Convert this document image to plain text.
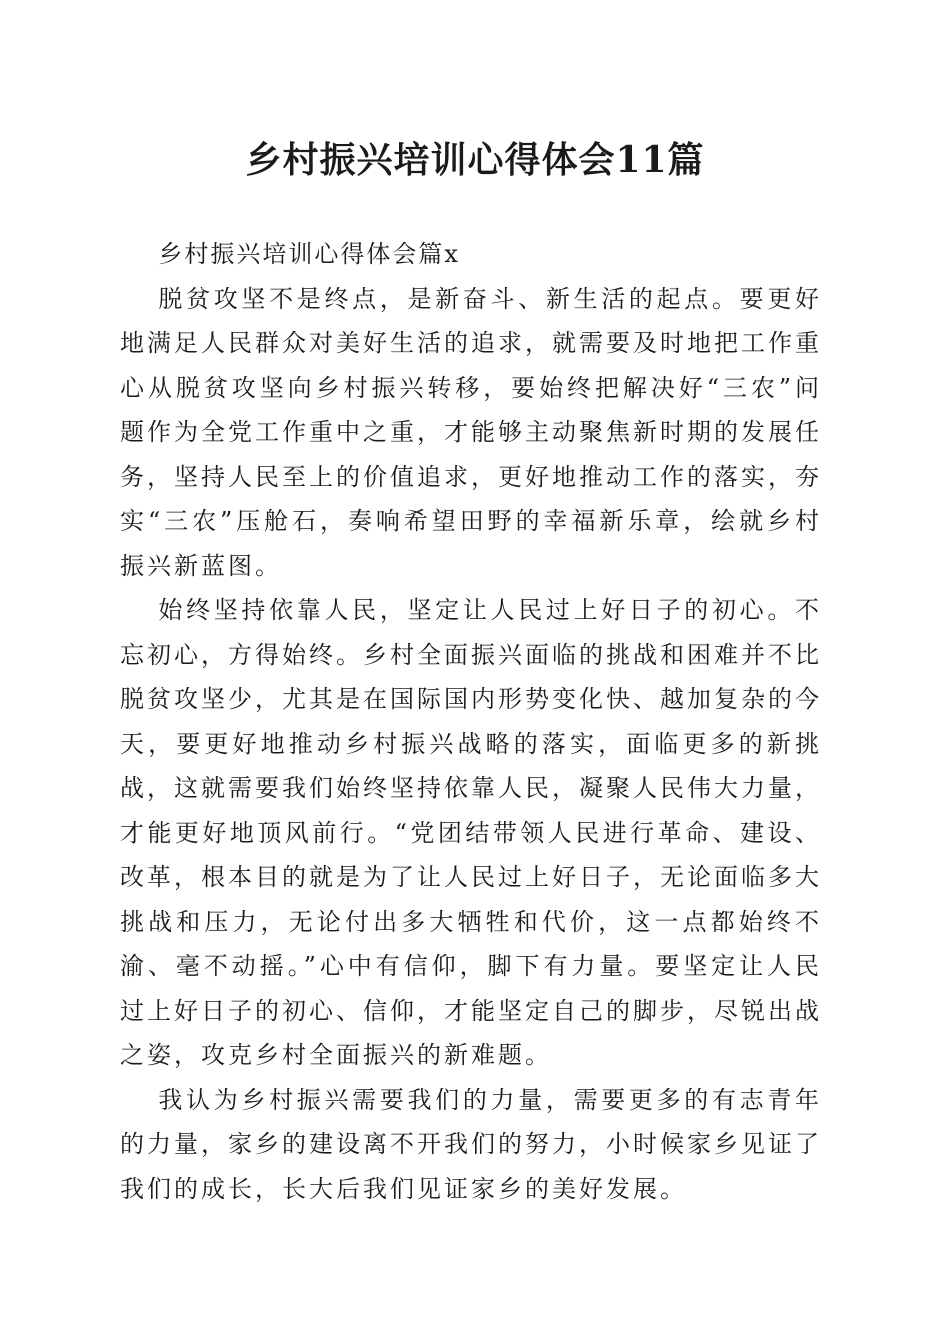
乡村振兴培训心得体会11篇

乡村振兴培训心得体会篇x

脱贫攻坚不是终点，是新奋斗、新生活的起点。要更好地满足人民群众对美好生活的追求，就需要及时地把工作重心从脱贫攻坚向乡村振兴转移，要始终把解决好“三农”问题作为全党工作重中之重，才能够主动聚焦新时期的发展任务，坚持人民至上的价值追求，更好地推动工作的落实，夯实“三农”压舱石，奏响希望田野的幸福新乐章，绘就乡村振兴新蓝图。

始终坚持依靠人民，坚定让人民过上好日子的初心。不忘初心，方得始终。乡村全面振兴面临的挑战和困难并不比脱贫攻坚少，尤其是在国际国内形势变化快、越加复杂的今天，要更好地推动乡村振兴战略的落实，面临更多的新挑战，这就需要我们始终坚持依靠人民，凝聚人民伟大力量，才能更好地顶风前行。“党团结带领人民进行革命、建设、改革，根本目的就是为了让人民过上好日子，无论面临多大挑战和压力，无论付出多大牺牲和代价，这一点都始终不渝、毫不动摇。”心中有信仰，脚下有力量。要坚定让人民过上好日子的初心、信仰，才能坚定自己的脚步，尽锐出战之姿，攻克乡村全面振兴的新难题。

我认为乡村振兴需要我们的力量，需要更多的有志青年的力量，家乡的建设离不开我们的努力，小时候家乡见证了我们的成长，长大后我们见证家乡的美好发展。
